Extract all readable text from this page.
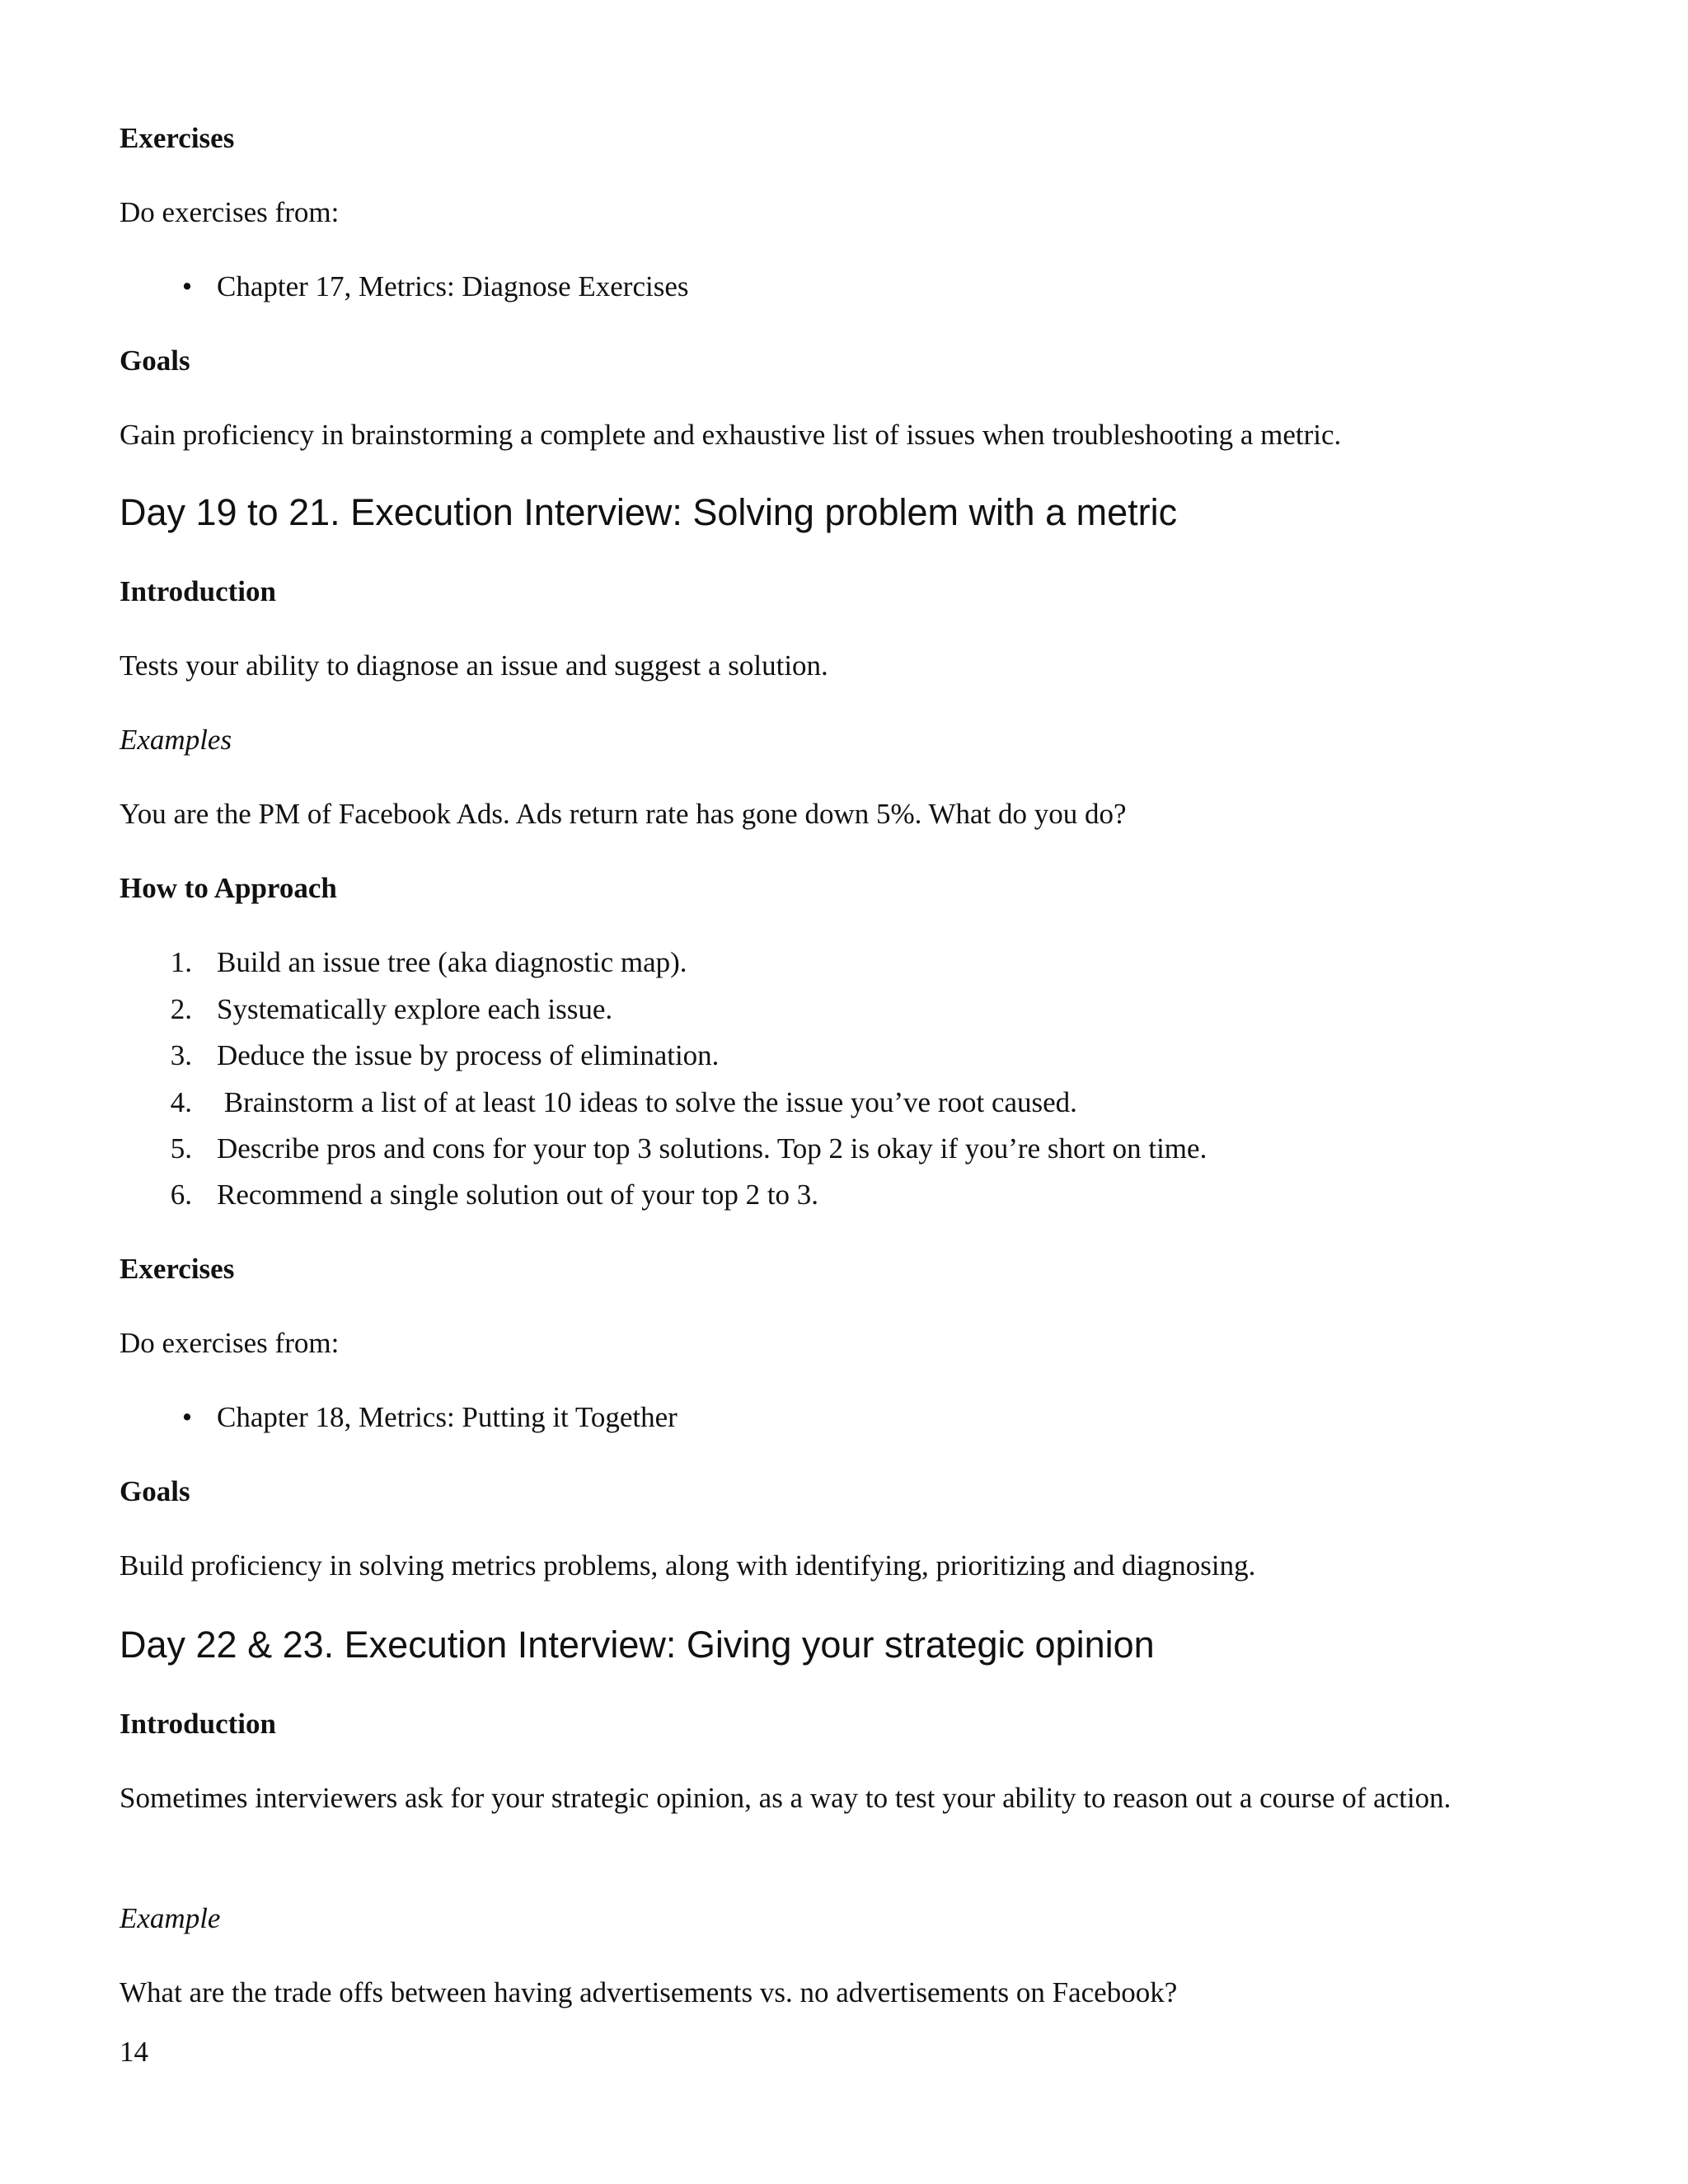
Exercises

Do exercises from:

• Chapter 17, Metrics: Diagnose Exercises

Goals

Gain proficiency in brainstorming a complete and exhaustive list of issues when troubleshooting a metric.

Day 19 to 21. Execution Interview: Solving problem with a metric

Introduction

Tests your ability to diagnose an issue and suggest a solution.

Examples

You are the PM of Facebook Ads. Ads return rate has gone down 5%. What do you do?

How to Approach

1. Build an issue tree (aka diagnostic map).
2. Systematically explore each issue.
3. Deduce the issue by process of elimination.
4. Brainstorm a list of at least 10 ideas to solve the issue you’ve root caused.
5. Describe pros and cons for your top 3 solutions. Top 2 is okay if you’re short on time.
6. Recommend a single solution out of your top 2 to 3.

Exercises

Do exercises from:

• Chapter 18, Metrics: Putting it Together

Goals

Build proficiency in solving metrics problems, along with identifying, prioritizing and diagnosing.

Day 22 & 23. Execution Interview: Giving your strategic opinion

Introduction

Sometimes interviewers ask for your strategic opinion, as a way to test your ability to reason out a course of action.

Example

What are the trade offs between having advertisements vs. no advertisements on Facebook?

14
